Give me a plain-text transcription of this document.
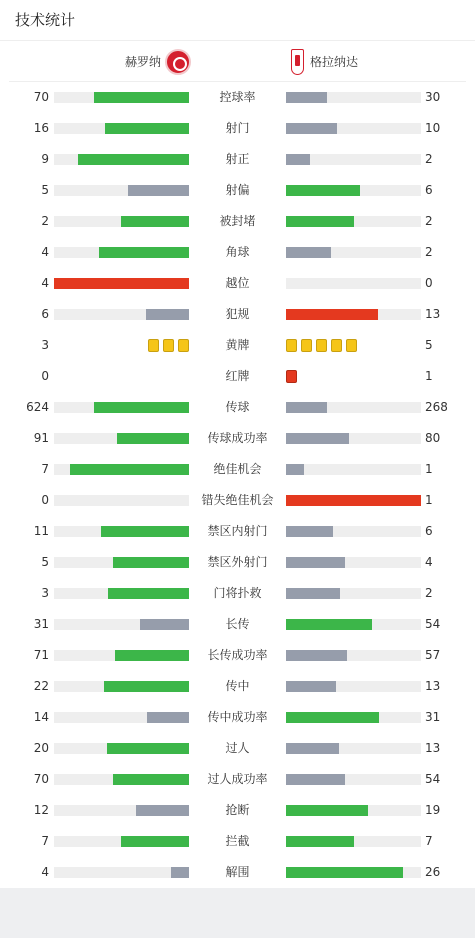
技术统计
赫罗纳	格拉纳达
70	控球率	30
16	射门	10
9	射正	2
5	射偏	6
2	被封堵	2
4	角球	2
4	越位	0
6	犯规	13
3	黄牌	5
0	红牌	1
624	传球	268
91	传球成功率	80
7	绝佳机会	1
0	错失绝佳机会	1
11	禁区内射门	6
5	禁区外射门	4
3	门将扑救	2
31	长传	54
71	长传成功率	57
22	传中	13
14	传中成功率	31
20	过人	13
70	过人成功率	54
12	抢断	19
7	拦截	7
4	解围	26
